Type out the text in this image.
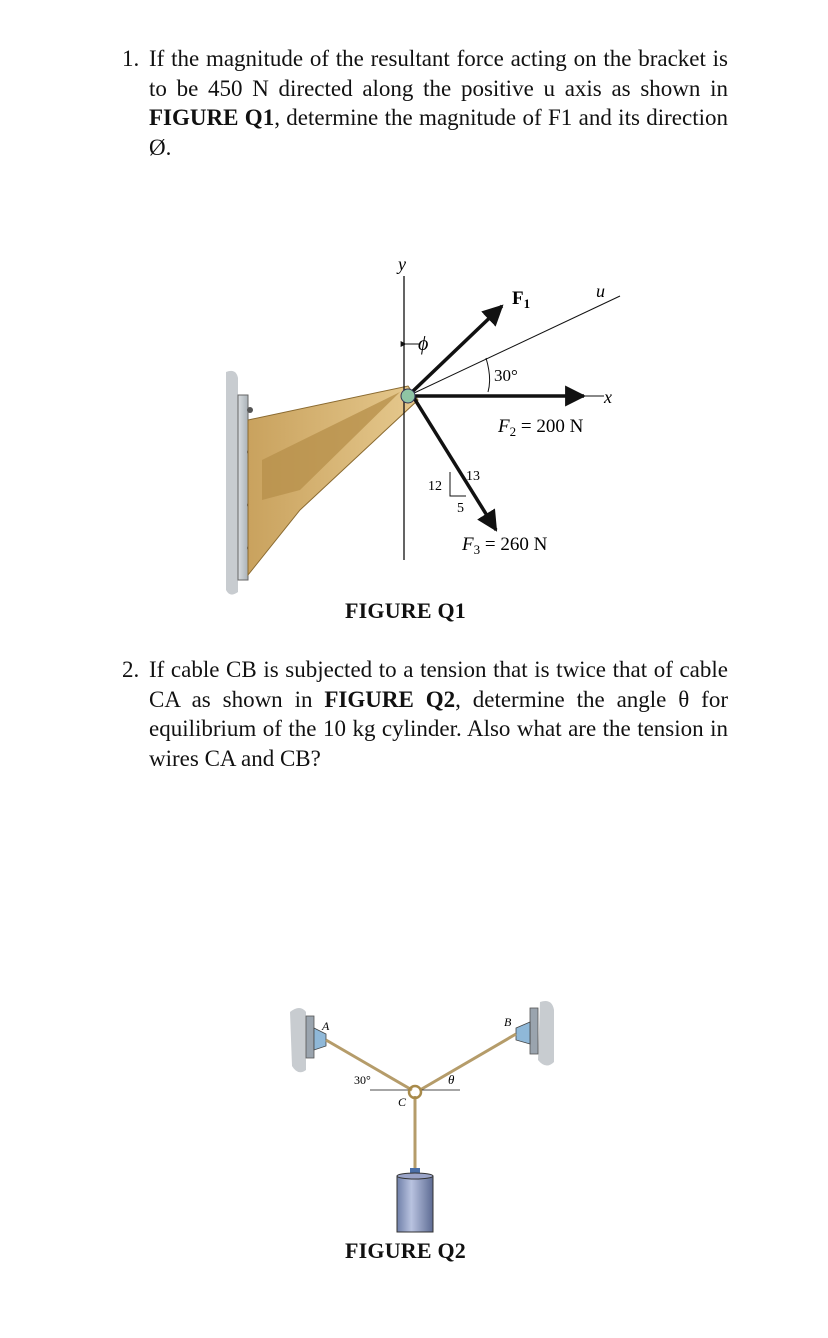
1. If the magnitude of the resultant force acting on the bracket is to be 450 N directed along the positive u axis as shown in FIGURE Q1, determine the magnitude of F1 and its direction Ø.
y
ϕ
u
$F_1$
30°
x
$F_2 = 200$ N
$F_3 = 260$ N
12
13
5
FIGURE Q1
2. If cable CB is subjected to a tension that is twice that of cable CA as shown in FIGURE Q2, determine the angle θ for equilibrium of the 10 kg cylinder. Also what are the tension in wires CA and CB?
30°	θ
C
A	B
FIGURE Q2
